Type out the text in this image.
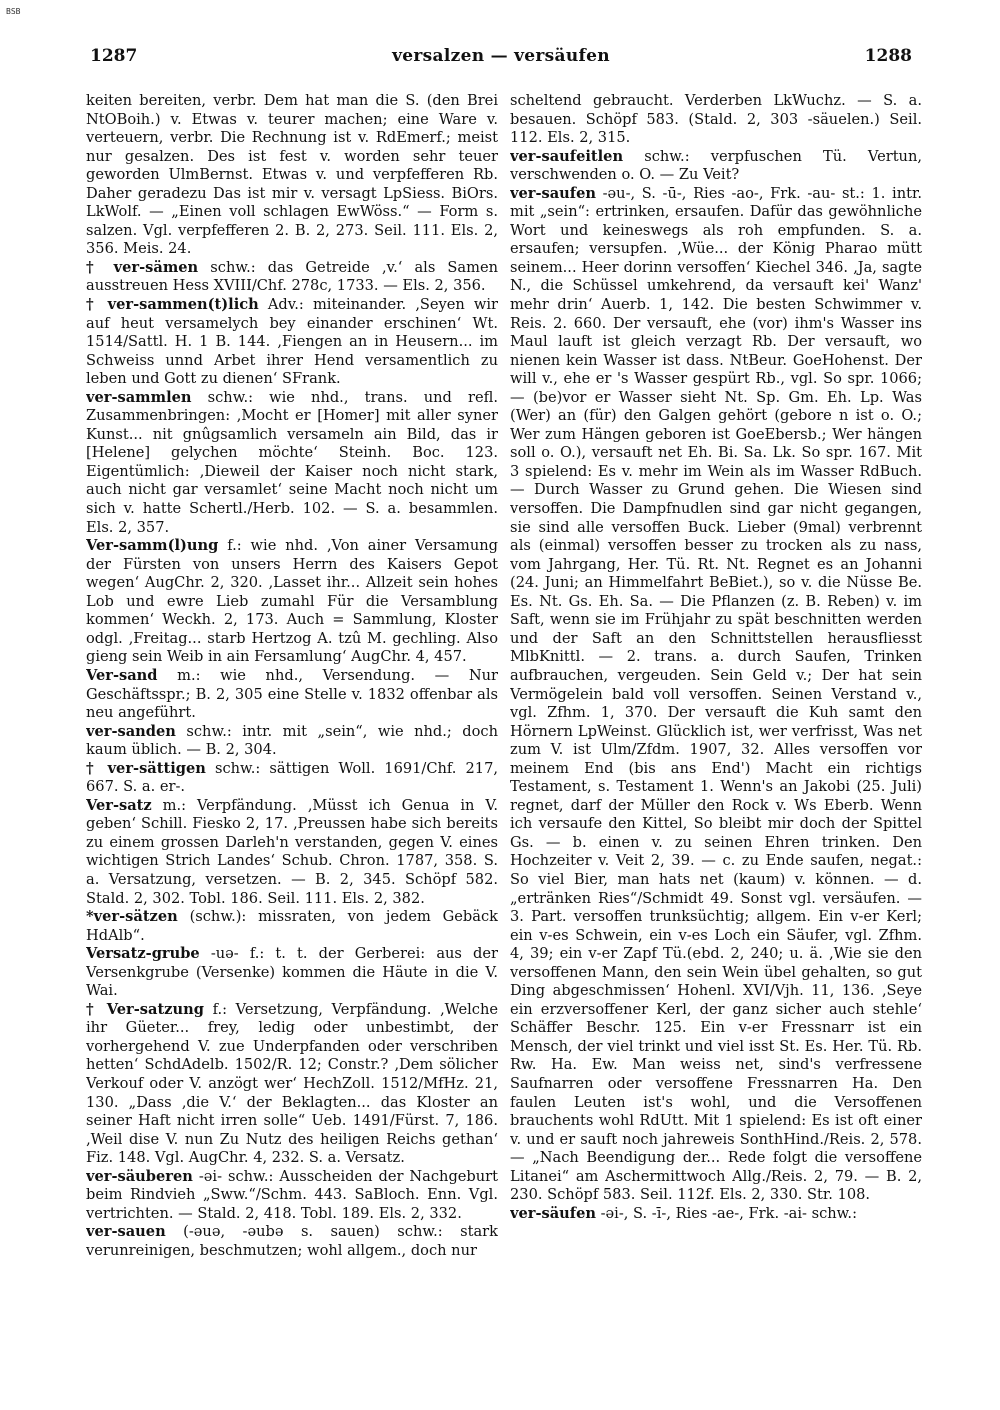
BSB
1287	versalzen — versäufen	1288

keiten bereiten, verbr. Dem hat man die S. (den Brei NtOBoih.) v. Etwas v. teurer machen; eine Ware v. verteuern, verbr. Die Rechnung ist v. RdEmerf.; meist nur gesalzen. Des ist fest v. worden sehr teuer geworden UlmBernst. Etwas v. und verpfefferen Rb. Daher geradezu Das ist mir v. versagt LpSiess. BiOrs. LkWolf. — „Einen voll schlagen EwWöss.“ — Form s. salzen. Vgl. verpfefferen 2. B. 2, 273. Seil. 111. Els. 2, 356. Meis. 24.

† ver-sämen schw.: das Getreide ‚v.‘ als Samen ausstreuen Hess XVIII/Chf. 278c, 1733. — Els. 2, 356.

† ver-sammen(t)lich Adv.: miteinander. ‚Seyen wir auf heut versamelych bey einander erschinen‘ Wt. 1514/Sattl. H. 1 B. 144. ‚Fiengen an in Heusern... im Schweiss unnd Arbet ihrer Hend versamentlich zu leben und Gott zu dienen‘ SFrank.

ver-sammlen schw.: wie nhd., trans. und refl. Zusammenbringen: ‚Mocht er [Homer] mit aller syner Kunst... nit gnûgsamlich versameln ain Bild, das ir [Helene] gelychen möchte‘ Steinh. Boc. 123. Eigentümlich: ‚Dieweil der Kaiser noch nicht stark, auch nicht gar versamlet‘ seine Macht noch nicht um sich v. hatte Schertl./Herb. 102. — S. a. besammlen. Els. 2, 357.

Ver-samm(l)ung f.: wie nhd. ‚Von ainer Versamung der Fürsten von unsers Herrn des Kaisers Gepot wegen‘ AugChr. 2, 320. ‚Lasset ihr... Allzeit sein hohes Lob und ewre Lieb zumahl Für die Versamblung kommen‘ Weckh. 2, 173. Auch = Sammlung, Kloster odgl. ‚Freitag... starb Hertzog A. tzû M. gechling. Also gieng sein Weib in ain Fersamlung‘ AugChr. 4, 457.

Ver-sand m.: wie nhd., Versendung. — Nur Geschäftsspr.; B. 2, 305 eine Stelle v. 1832 offenbar als neu angeführt.

ver-sanden schw.: intr. mit „sein“, wie nhd.; doch kaum üblich. — B. 2, 304.

† ver-sättigen schw.: sättigen Woll. 1691/Chf. 217, 667. S. a. er-.

Ver-satz m.: Verpfändung. ‚Müsst ich Genua in V. geben‘ Schill. Fiesko 2, 17. ‚Preussen habe sich bereits zu einem grossen Darleh'n verstanden, gegen V. eines wichtigen Strich Landes‘ Schub. Chron. 1787, 358. S. a. Versatzung, versetzen. — B. 2, 345. Schöpf 582. Stald. 2, 302. Tobl. 186. Seil. 111. Els. 2, 382.

*ver-sätzen (schw.): missraten, von jedem Gebäck HdAlb“.

Versatz-grube -uə- f.: t. t. der Gerberei: aus der Versenkgrube (Versenke) kommen die Häute in die V. Wai.

† Ver-satzung f.: Versetzung, Verpfändung. ‚Welche ihr Güeter... frey, ledig oder unbestimbt, der vorhergehend V. zue Underpfanden oder verschriben hetten‘ SchdAdelb. 1502/R. 12; Constr.? ‚Dem sölicher Verkouf oder V. anzögt wer‘ HechZoll. 1512/MfHz. 21, 130. „Dass ‚die V.‘ der Beklagten... das Kloster an seiner Haft nicht irren solle“ Ueb. 1491/Fürst. 7, 186. ‚Weil dise V. nun Zu Nutz des heiligen Reichs gethan‘ Fiz. 148. Vgl. AugChr. 4, 232. S. a. Versatz.

ver-säuberen -əi- schw.: Ausscheiden der Nachgeburt beim Rindvieh „Sww.“/Schm. 443. SaBloch. Enn. Vgl. vertrichten. — Stald. 2, 418. Tobl. 189. Els. 2, 332.

ver-sauen (-əuə, -əubə s. sauen) schw.: stark verunreinigen, beschmutzen; wohl allgem., doch nur

scheltend gebraucht. Verderben LkWuchz. — S. a. besauen. Schöpf 583. (Stald. 2, 303 -säuelen.) Seil. 112. Els. 2, 315.

ver-saufeitlen schw.: verpfuschen Tü. Vertun, verschwenden o. O. — Zu Veit?

ver-saufen -əu-, S. -ū-, Ries -ao-, Frk. -au- st.: 1. intr. mit „sein“: ertrinken, ersaufen. Dafür das gewöhnliche Wort und keineswegs als roh empfunden. S. a. ersaufen; versupfen. ‚Wüe... der König Pharao mütt seinem... Heer dorinn versoffen‘ Kiechel 346. ‚Ja, sagte N., die Schüssel umkehrend, da versauft kei' Wanz' mehr drin‘ Auerb. 1, 142. Die besten Schwimmer v. Reis. 2. 660. Der versauft, ehe (vor) ihm's Wasser ins Maul lauft ist gleich verzagt Rb. Der versauft, wo nienen kein Wasser ist dass. NtBeur. GoeHohenst. Der will v., ehe er 's Wasser gespürt Rb., vgl. So spr. 1066; — (be)vor er Wasser sieht Nt. Sp. Gm. Eh. Lp. Was (Wer) an (für) den Galgen gehört (gebore n ist o. O.; Wer zum Hängen geboren ist GoeEbersb.; Wer hängen soll o. O.), versauft net Eh. Bi. Sa. Lk. So spr. 167. Mit 3 spielend: Es v. mehr im Wein als im Wasser RdBuch. — Durch Wasser zu Grund gehen. Die Wiesen sind versoffen. Die Dampfnudlen sind gar nicht gegangen, sie sind alle versoffen Buck. Lieber (9mal) verbrennt als (einmal) versoffen besser zu trocken als zu nass, vom Jahrgang, Her. Tü. Rt. Nt. Regnet es an Johanni (24. Juni; an Himmelfahrt BeBiet.), so v. die Nüsse Be. Es. Nt. Gs. Eh. Sa. — Die Pflanzen (z. B. Reben) v. im Saft, wenn sie im Frühjahr zu spät beschnitten werden und der Saft an den Schnittstellen herausfliesst MlbKnittl. — 2. trans. a. durch Saufen, Trinken aufbrauchen, vergeuden. Sein Geld v.; Der hat sein Vermögelein bald voll versoffen. Seinen Verstand v., vgl. Zfhm. 1, 370. Der versauft die Kuh samt den Hörnern LpWeinst. Glücklich ist, wer verfrisst, Was net zum V. ist Ulm/Zfdm. 1907, 32. Alles versoffen vor meinem End (bis ans End') Macht ein richtigs Testament, s. Testament 1. Wenn's an Jakobi (25. Juli) regnet, darf der Müller den Rock v. Ws Eberb. Wenn ich versaufe den Kittel, So bleibt mir doch der Spittel Gs. — b. einen v. zu seinen Ehren trinken. Den Hochzeiter v. Veit 2, 39. — c. zu Ende saufen, negat.: So viel Bier, man hats net (kaum) v. können. — d. „ertränken Ries“/Schmidt 49. Sonst vgl. versäufen. — 3. Part. versoffen trunksüchtig; allgem. Ein v-er Kerl; ein v-es Schwein, ein v-es Loch ein Säufer, vgl. Zfhm. 4, 39; ein v-er Zapf Tü.(ebd. 2, 240; u. ä. ‚Wie sie den versoffenen Mann, den sein Wein übel gehalten, so gut Ding abgeschmissen‘ Hohenl. XVI/Vjh. 11, 136. ‚Seye ein erzversoffener Kerl, der ganz sicher auch stehle‘ Schäffer Beschr. 125. Ein v-er Fressnarr ist ein Mensch, der viel trinkt und viel isst St. Es. Her. Tü. Rb. Rw. Ha. Ew. Man weiss net, sind's verfressene Saufnarren oder versoffene Fressnarren Ha. Den faulen Leuten ist's wohl, und die Versoffenen brauchents wohl RdUtt. Mit 1 spielend: Es ist oft einer v. und er sauft noch jahreweis SonthHind./Reis. 2, 578. — „Nach Beendigung der... Rede folgt die versoffene Litanei“ am Aschermittwoch Allg./Reis. 2, 79. — B. 2, 230. Schöpf 583. Seil. 112f. Els. 2, 330. Str. 108.

ver-säufen -əi-, S. -ī-, Ries -ae-, Frk. -ai- schw.:
